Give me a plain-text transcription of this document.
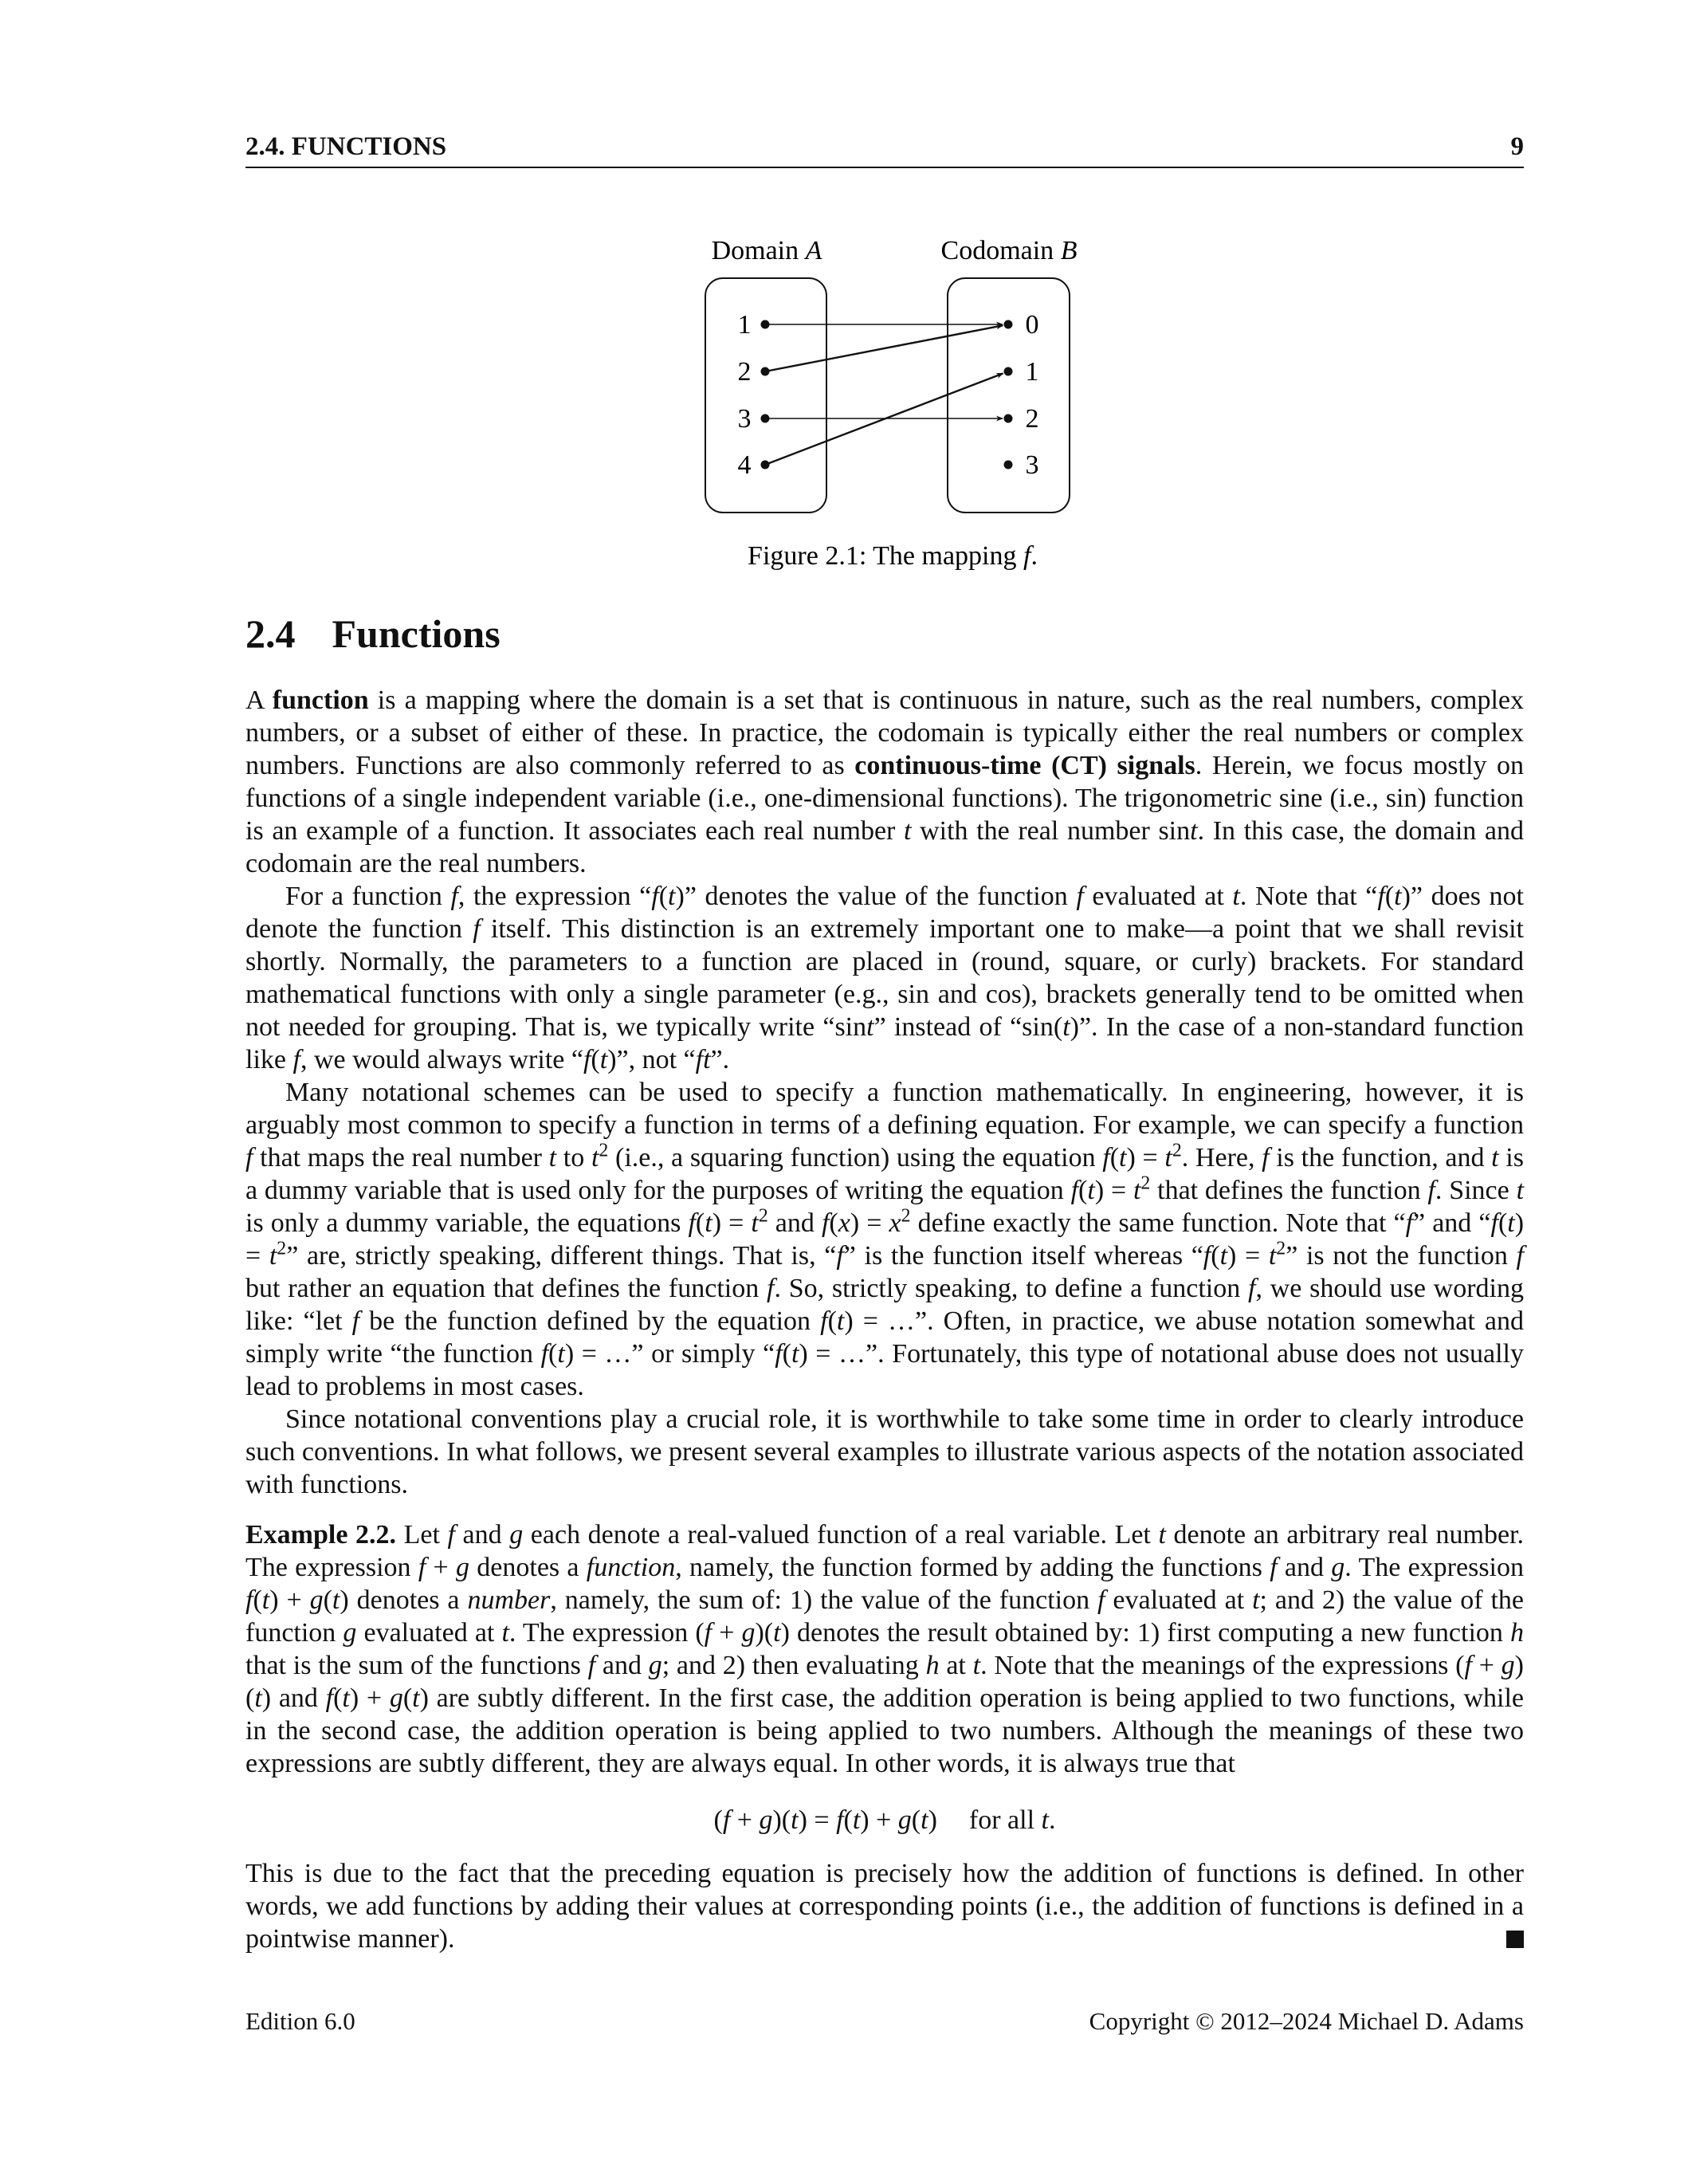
2.4. FUNCTIONS	9
Domain A	Codomain B
1
2
3
4
0
1
2
3
Figure 2.1: The mapping f.
2.4 Functions

A function is a mapping where the domain is a set that is continuous in nature, such as the real numbers, complex numbers, or a subset of either of these. In practice, the codomain is typically either the real numbers or complex numbers. Functions are also commonly referred to as continuous-time (CT) signals. Herein, we focus mostly on functions of a single independent variable (i.e., one-dimensional functions). The trigonometric sine (i.e., sin) function is an example of a function. It associates each real number t with the real number sint. In this case, the domain and codomain are the real numbers.

For a function f, the expression “f(t)” denotes the value of the function f evaluated at t. Note that “f(t)” does not denote the function f itself. This distinction is an extremely important one to make—a point that we shall revisit shortly. Normally, the parameters to a function are placed in (round, square, or curly) brackets. For standard mathematical functions with only a single parameter (e.g., sin and cos), brackets generally tend to be omitted when not needed for grouping. That is, we typically write “sint” instead of “sin(t)”. In the case of a non-standard function like f, we would always write “f(t)”, not “ft”.

Many notational schemes can be used to specify a function mathematically. In engineering, however, it is arguably most common to specify a function in terms of a defining equation. For example, we can specify a function f that maps the real number t to $t^2$ (i.e., a squaring function) using the equation $f(t) = t^2$. Here, f is the function, and t is a dummy variable that is used only for the purposes of writing the equation $f(t) = t^2$ that defines the function f. Since t is only a dummy variable, the equations $f(t) = t^2$ and $f(x) = x^2$ define exactly the same function. Note that “f” and “$f(t) = t^2$” are, strictly speaking, different things. That is, “f” is the function itself whereas “$f(t) = t^2$” is not the function f but rather an equation that defines the function f. So, strictly speaking, to define a function f, we should use wording like: “let f be the function defined by the equation f(t) = …”. Often, in practice, we abuse notation somewhat and simply write “the function f(t) = …” or simply “f(t) = …”. Fortunately, this type of notational abuse does not usually lead to problems in most cases.

Since notational conventions play a crucial role, it is worthwhile to take some time in order to clearly introduce such conventions. In what follows, we present several examples to illustrate various aspects of the notation associated with functions.

Example 2.2. Let f and g each denote a real-valued function of a real variable. Let t denote an arbitrary real number. The expression f + g denotes a function, namely, the function formed by adding the functions f and g. The expression f(t) + g(t) denotes a number, namely, the sum of: 1) the value of the function f evaluated at t; and 2) the value of the function g evaluated at t. The expression (f + g)(t) denotes the result obtained by: 1) first computing a new function h that is the sum of the functions f and g; and 2) then evaluating h at t. Note that the meanings of the expressions (f + g)(t) and f(t) + g(t) are subtly different. In the first case, the addition operation is being applied to two functions, while in the second case, the addition operation is being applied to two numbers. Although the meanings of these two expressions are subtly different, they are always equal. In other words, it is always true that

(f + g)(t) = f(t) + g(t) for all t.

This is due to the fact that the preceding equation is precisely how the addition of functions is defined. In other words, we add functions by adding their values at corresponding points (i.e., the addition of functions is defined in a pointwise manner).

Edition 6.0	Copyright © 2012–2024 Michael D. Adams
